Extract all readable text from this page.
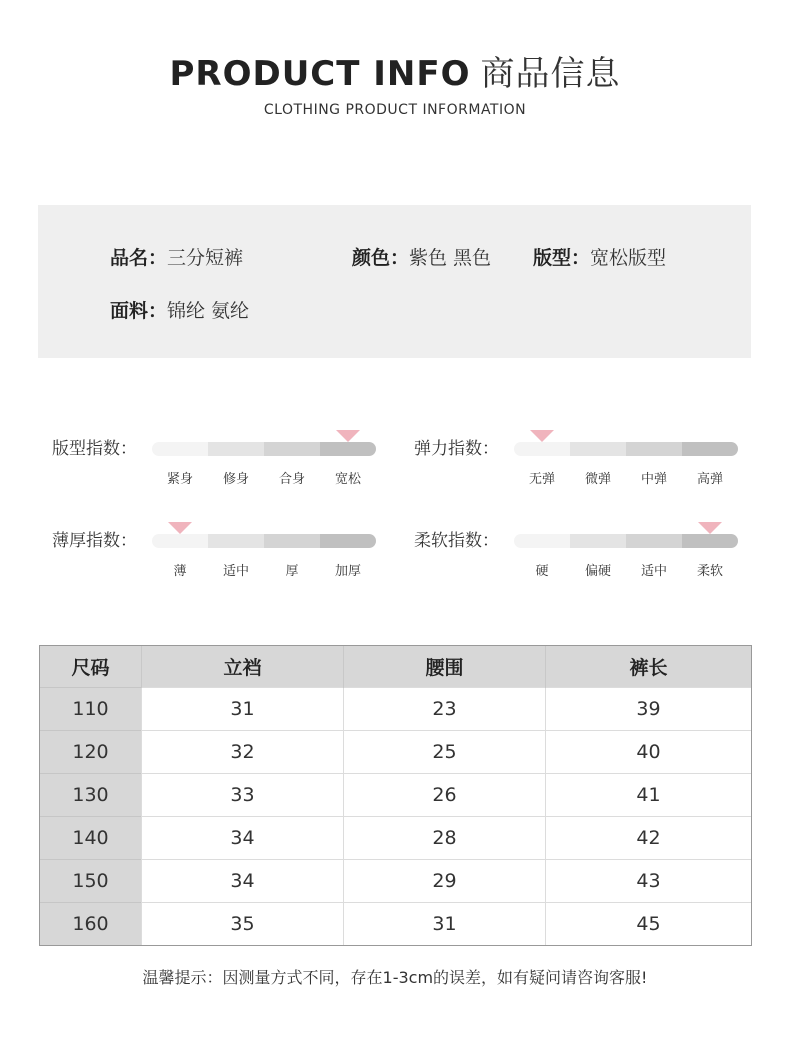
PRODUCT INFO 商品信息
CLOTHING PRODUCT INFORMATION
品名：三分短裤	颜色：紫色 黑色 版型：宽松版型
面料：锦纶 氨纶
版型指数：
紧身	修身	合身	宽松
弹力指数：
无弹	微弹	中弹	高弹
薄厚指数：
薄	适中	厚	加厚
柔软指数：
硬	偏硬	适中	柔软
尺码	立裆	腰围	裤长
110	31	23	39
120	32	25	40
130	33	26	41
140	34	28	42
150	34	29	43
160	35	31	45
温馨提示：因测量方式不同，存在1-3cm的误差，如有疑问请咨询客服!
